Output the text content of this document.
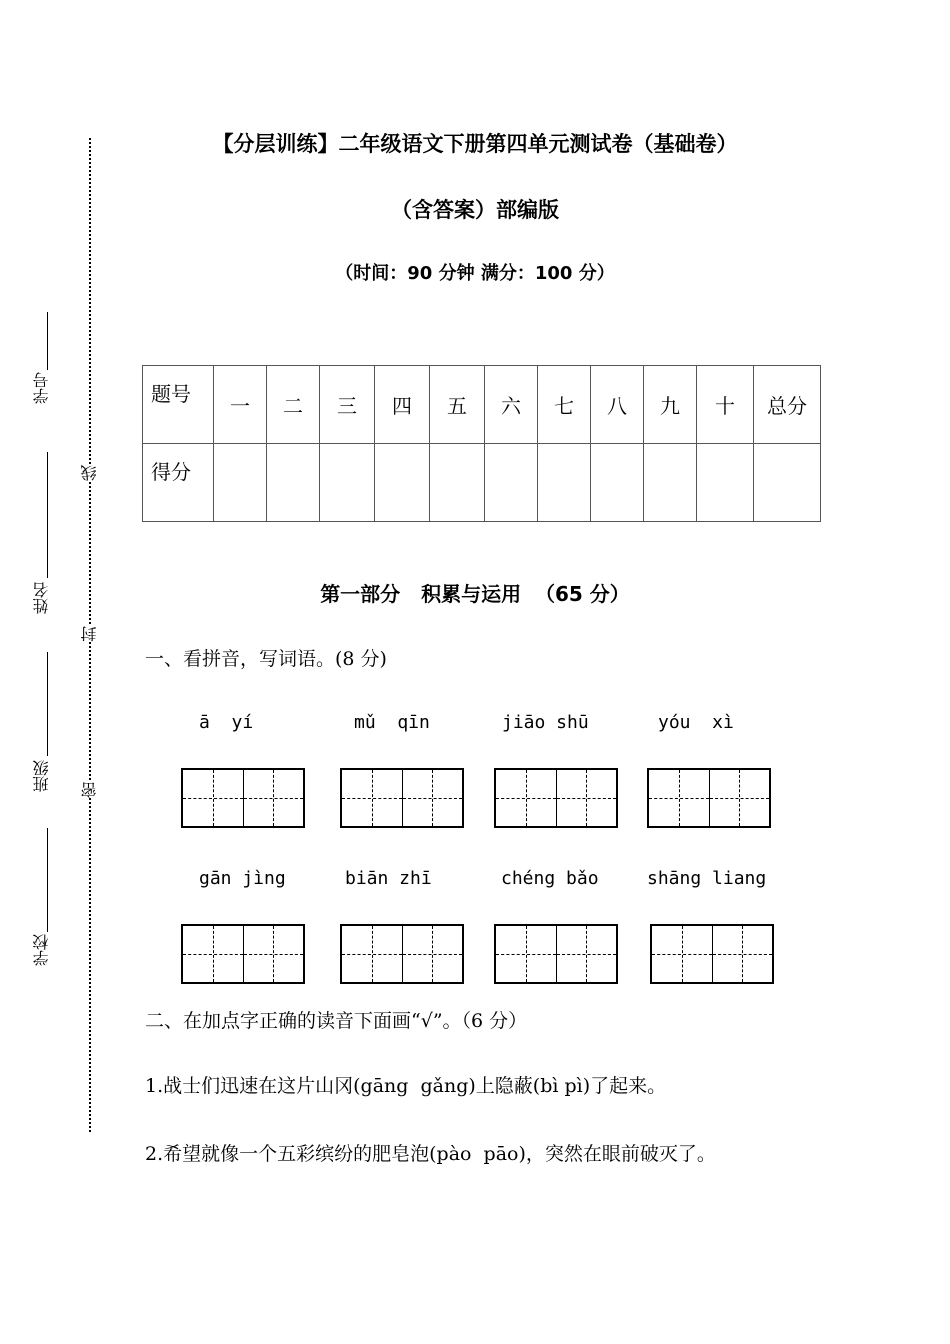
学号
姓名
班级
学校
线
封
密
【分层训练】二年级语文下册第四单元测试卷（基础卷）
（含答案）部编版
（时间：90 分钟 满分：100 分）
题号	一	二	三	四	五	六	七	八	九	十	总分
得分											
第一部分   积累与运用  （65 分）
一、看拼音，写词语。(8 分)
ā  yí	mǔ  qīn	jiāo shū	yóu  xì
gān jìng	biān zhī	chéng bǎo	shāng liang
二、在加点字正确的读音下面画“√”。（6 分）
1.战士们迅速在这片山冈(gāng  gǎng)上隐蔽(bì pì)了起来。
2.希望就像一个五彩缤纷的肥皂泡(pào  pāo)，突然在眼前破灭了。
